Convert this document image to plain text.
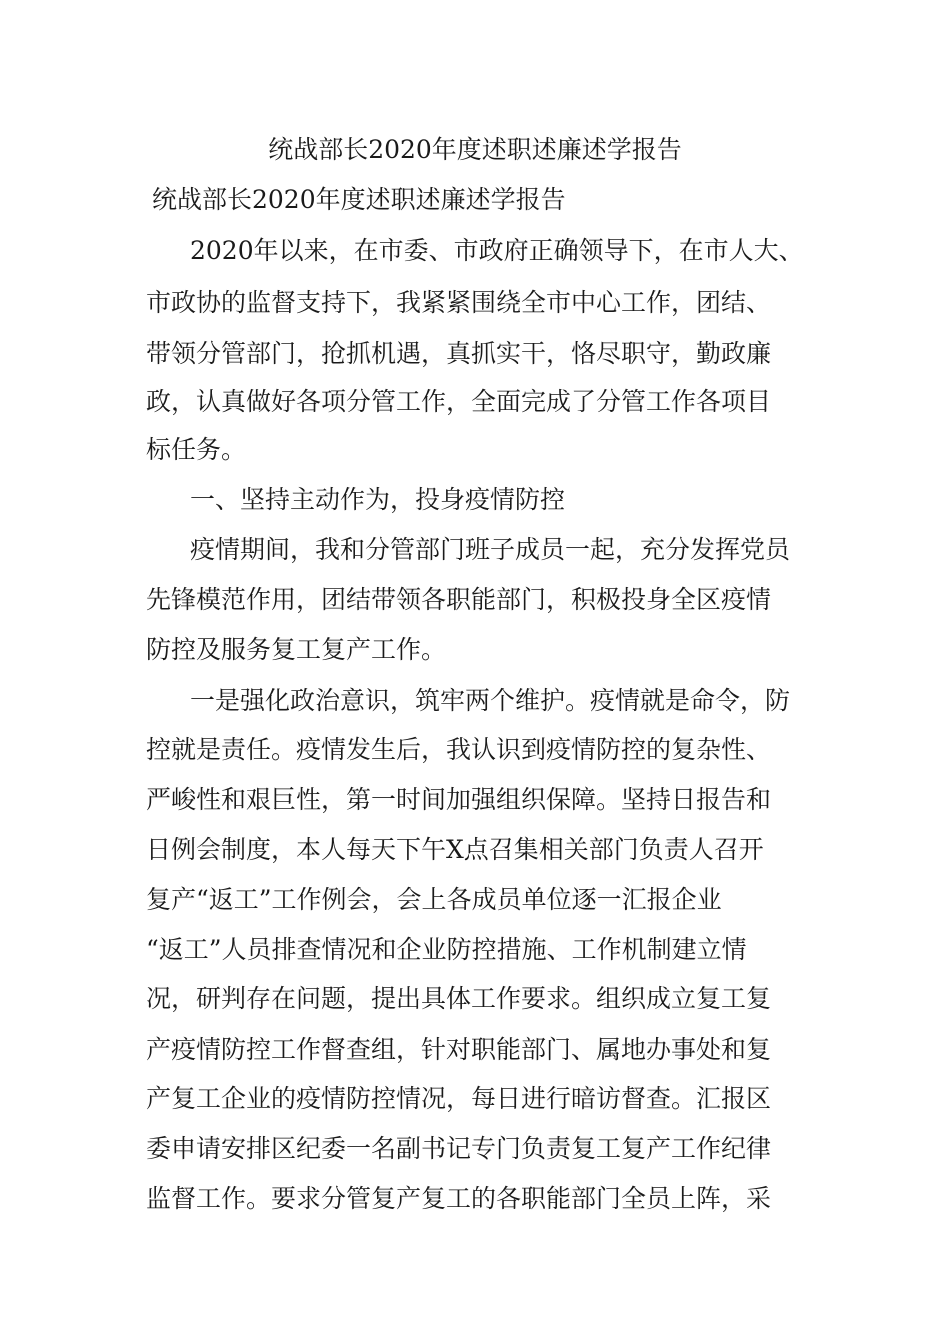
统战部长2020年度述职述廉述学报告
统战部长2020年度述职述廉述学报告
2020年以来，在市委、市政府正确领导下，在市人大、
市政协的监督支持下，我紧紧围绕全市中心工作，团结、
带领分管部门，抢抓机遇，真抓实干，恪尽职守，勤政廉
政，认真做好各项分管工作，全面完成了分管工作各项目
标任务。
一、坚持主动作为，投身疫情防控
疫情期间，我和分管部门班子成员一起，充分发挥党员
先锋模范作用，团结带领各职能部门，积极投身全区疫情
防控及服务复工复产工作。
一是强化政治意识，筑牢两个维护。疫情就是命令，防
控就是责任。疫情发生后，我认识到疫情防控的复杂性、
严峻性和艰巨性，第一时间加强组织保障。坚持日报告和
日例会制度，本人每天下午X点召集相关部门负责人召开
复产“返工”工作例会，会上各成员单位逐一汇报企业
“返工”人员排查情况和企业防控措施、工作机制建立情
况，研判存在问题，提出具体工作要求。组织成立复工复
产疫情防控工作督查组，针对职能部门、属地办事处和复
产复工企业的疫情防控情况，每日进行暗访督查。汇报区
委申请安排区纪委一名副书记专门负责复工复产工作纪律
监督工作。要求分管复产复工的各职能部门全员上阵，采
